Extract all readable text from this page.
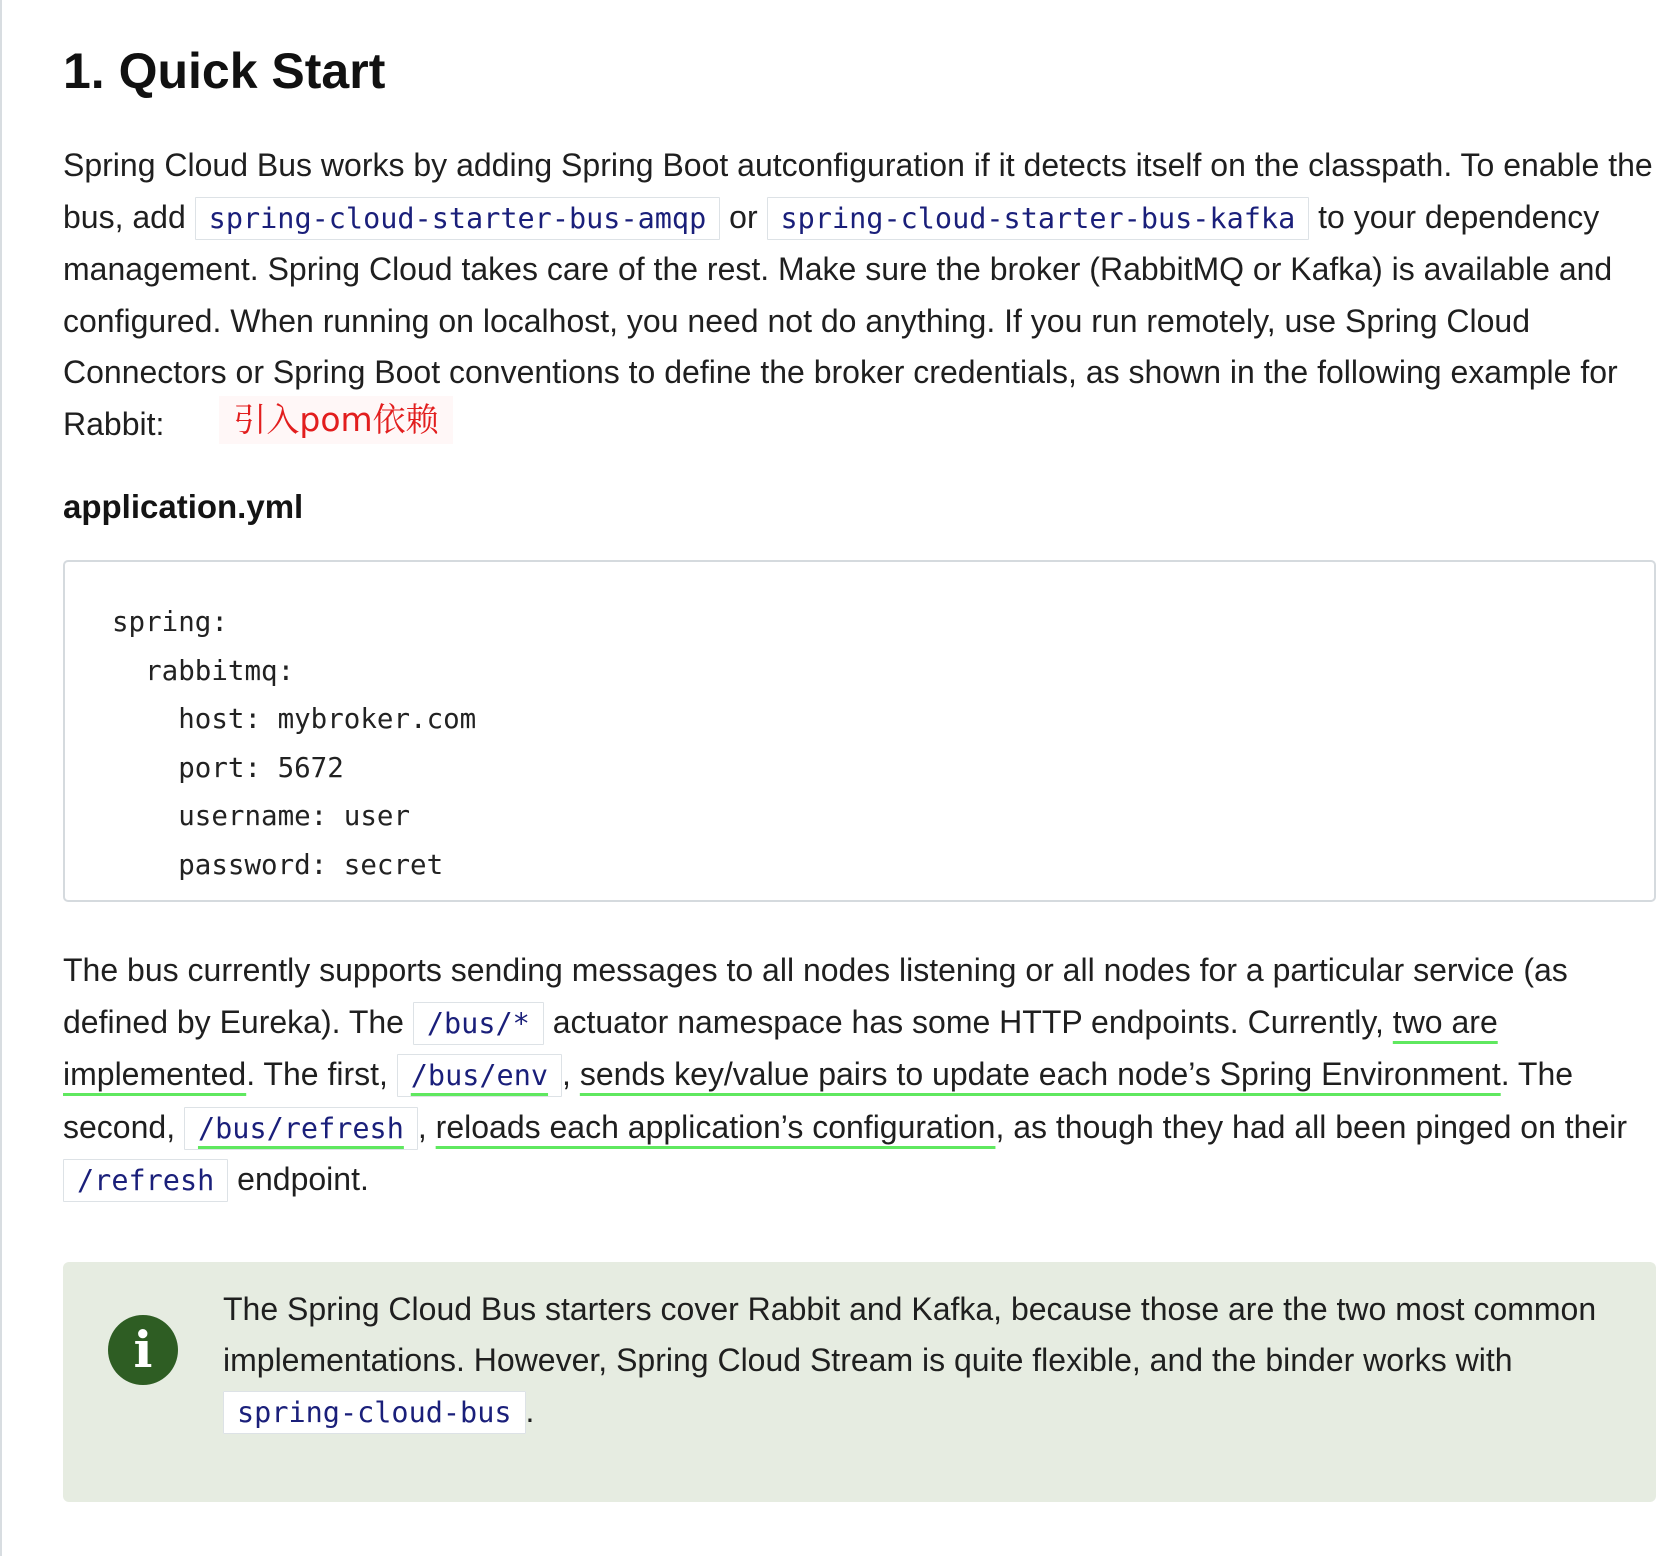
1. Quick Start
Spring Cloud Bus works by adding Spring Boot autconfiguration if it detects itself on the classpath. To enable the bus, add spring-cloud-starter-bus-amqp or spring-cloud-starter-bus-kafka to your dependency management. Spring Cloud takes care of the rest. Make sure the broker (RabbitMQ or Kafka) is available and configured. When running on localhost, you need not do anything. If you run remotely, use Spring Cloud Connectors or Spring Boot conventions to define the broker credentials, as shown in the following example for Rabbit: 引入pom依赖
application.yml
spring:
rabbitmq:
host: mybroker.com
port: 5672
username: user
password: secret
The bus currently supports sending messages to all nodes listening or all nodes for a particular service (as defined by Eureka). The /bus/* actuator namespace has some HTTP endpoints. Currently, two are implemented. The first, /bus/env , sends key/value pairs to update each node’s Spring Environment. The second, /bus/refresh , reloads each application’s configuration, as though they had all been pinged on their /refresh endpoint.
i
The Spring Cloud Bus starters cover Rabbit and Kafka, because those are the two most common implementations. However, Spring Cloud Stream is quite flexible, and the binder works with spring-cloud-bus .
